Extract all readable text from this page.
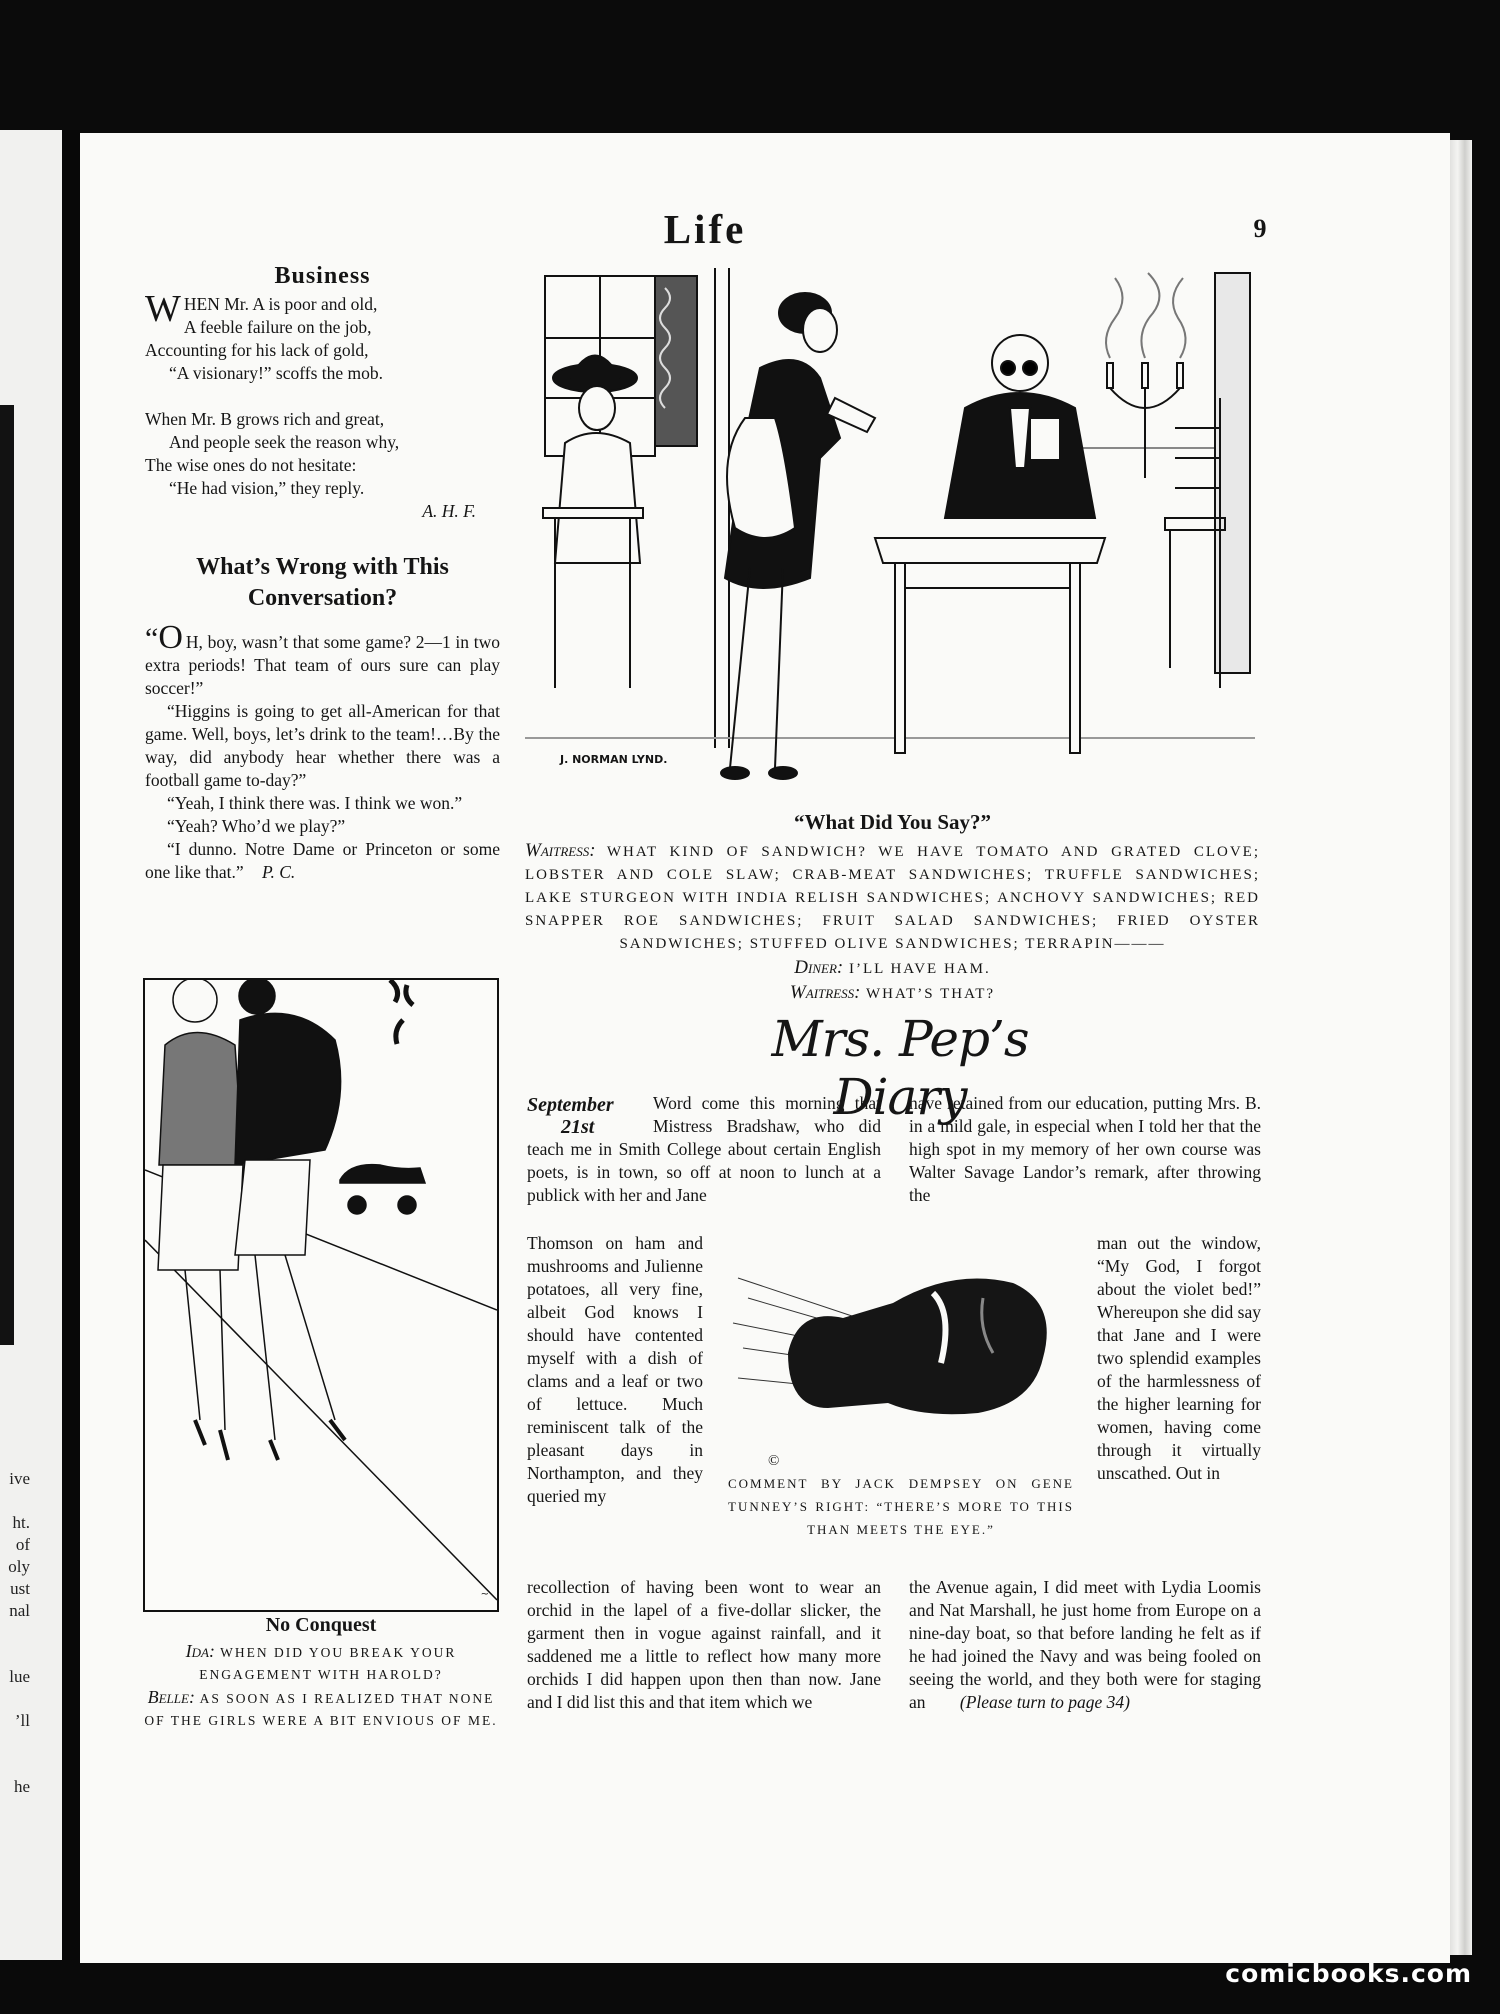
ive
ht.
of
oly
ust
nal
lue
’ll
he
Life	9
Business
WHEN Mr. A is poor and old,
A feeble failure on the job,
Accounting for his lack of gold,
“A visionary!” scoffs the mob.
When Mr. B grows rich and great,
And people seek the reason why,
The wise ones do not hesitate:
“He had vision,” they reply.
A. H. F.
What’s Wrong with This
Conversation?

“O H, boy, wasn’t that some game? 2—1 in two extra periods! That team of ours sure can play soccer!”

“Higgins is going to get all-American for that game. Well, boys, let’s drink to the team!…By the way, did anybody hear whether there was a football game to-day?”

“Yeah, I think there was. I think we won.”

“Yeah? Who’d we play?”

“I dunno. Notre Dame or Princeton or some one like that.” P. C.

J. NORMAN LYND.
“What Did You Say?”
Waitress: WHAT KIND OF SANDWICH? WE HAVE TOMATO AND GRATED CLOVE; LOBSTER AND COLE SLAW; CRAB-MEAT SANDWICHES; TRUFFLE SANDWICHES; LAKE STURGEON WITH INDIA RELISH SANDWICHES; ANCHOVY SANDWICHES; RED SNAPPER ROE SANDWICHES; FRUIT SALAD SANDWICHES; FRIED OYSTER SANDWICHES; STUFFED OLIVE SANDWICHES; TERRAPIN———
Diner: I’LL HAVE HAM.
Waitress: WHAT’S THAT?
~
No Conquest
Ida: WHEN DID YOU BREAK YOUR ENGAGEMENT WITH HAROLD?
Belle: AS SOON AS I REALIZED THAT NONE OF THE GIRLS WERE A BIT ENVIOUS OF ME.
Mrs. Pep’s Diary
September
21st
Word come this morning that Mistress Bradshaw, who did teach me in Smith College about certain English poets, is in town, so off at noon to lunch at a publick with her and Jane
Thomson on ham and mushrooms and Julienne potatoes, all very fine, albeit God knows I should have contented myself with a dish of clams and a leaf or two of lettuce. Much reminiscent talk of the pleasant days in Northampton, and they queried my
recollection of having been wont to wear an orchid in the lapel of a five-dollar slicker, the garment then in vogue against rainfall, and it saddened me a little to reflect how many more orchids I did happen upon then than now. Jane and I did list this and that item which we
have retained from our education, putting Mrs. B. in a mild gale, in especial when I told her that the high spot in my memory of her own course was Walter Savage Landor’s remark, after throwing the
man out the window, “My God, I forgot about the violet bed!” Whereupon she did say that Jane and I were two splendid examples of the harmlessness of the higher learning for women, having come through it virtually unscathed. Out in
the Avenue again, I did meet with Lydia Loomis and Nat Marshall, he just home from Europe on a nine-day boat, so that before landing he felt as if he had joined the Navy and was being fooled on seeing the world, and they both were for staging an (Please turn to page 34)
©
COMMENT BY JACK DEMPSEY ON GENE TUNNEY’S RIGHT: “THERE’S MORE TO THIS THAN MEETS THE EYE.”
comicbooks.com
